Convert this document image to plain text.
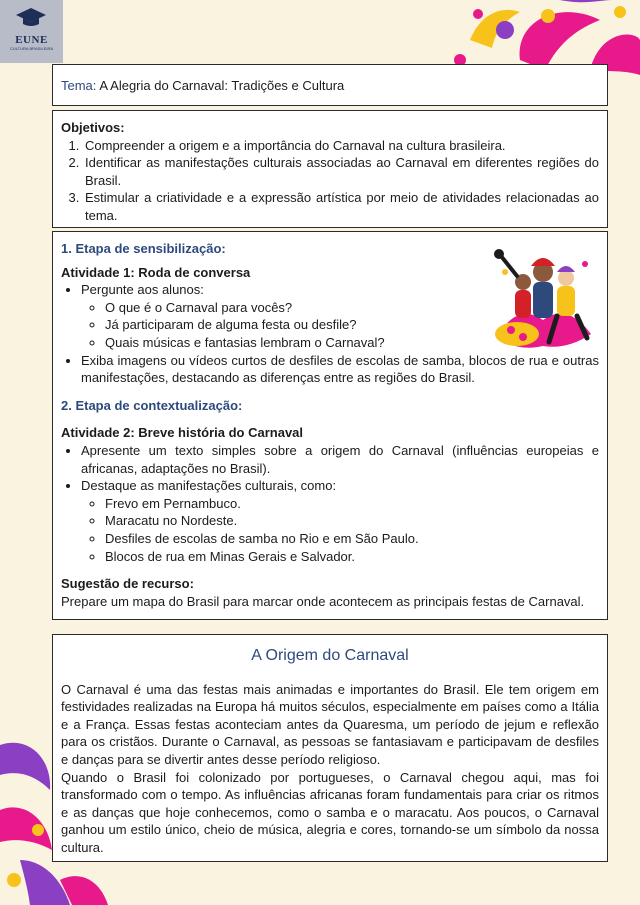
EUNE
CULTURA BRASILEIRA
Tema: A Alegria do Carnaval: Tradições e Cultura
Objetivos:
1. Compreender a origem e a importância do Carnaval na cultura brasileira.
2. Identificar as manifestações culturais associadas ao Carnaval em diferentes regiões do Brasil.
3. Estimular a criatividade e a expressão artística por meio de atividades relacionadas ao tema.
1. Etapa de sensibilização:
Atividade 1: Roda de conversa
• Pergunte aos alunos:
◦ O que é o Carnaval para vocês?
◦ Já participaram de alguma festa ou desfile?
◦ Quais músicas e fantasias lembram o Carnaval?
• Exiba imagens ou vídeos curtos de desfiles de escolas de samba, blocos de rua e outras manifestações, destacando as diferenças entre as regiões do Brasil.
2. Etapa de contextualização:
Atividade 2: Breve história do Carnaval
• Apresente um texto simples sobre a origem do Carnaval (influências europeias e africanas, adaptações no Brasil).
• Destaque as manifestações culturais, como:
◦ Frevo em Pernambuco.
◦ Maracatu no Nordeste.
◦ Desfiles de escolas de samba no Rio e em São Paulo.
◦ Blocos de rua em Minas Gerais e Salvador.
Sugestão de recurso:
Prepare um mapa do Brasil para marcar onde acontecem as principais festas de Carnaval.
A Origem do Carnaval

O Carnaval é uma das festas mais animadas e importantes do Brasil. Ele tem origem em festividades realizadas na Europa há muitos séculos, especialmente em países como a Itália e a França. Essas festas aconteciam antes da Quaresma, um período de jejum e reflexão para os cristãos. Durante o Carnaval, as pessoas se fantasiavam e participavam de desfiles e danças para se divertir antes desse período religioso.

Quando o Brasil foi colonizado por portugueses, o Carnaval chegou aqui, mas foi transformado com o tempo. As influências africanas foram fundamentais para criar os ritmos e as danças que hoje conhecemos, como o samba e o maracatu. Aos poucos, o Carnaval ganhou um estilo único, cheio de música, alegria e cores, tornando-se um símbolo da nossa cultura.
